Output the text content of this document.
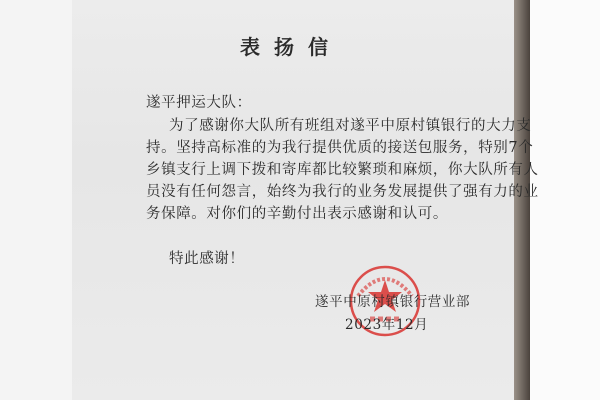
表扬信
遂平押运大队：
为了感谢你大队所有班组对遂平中原村镇银行的大力支
持。坚持高标准的为我行提供优质的接送包服务，特别7个
乡镇支行上调下拨和寄库都比较繁琐和麻烦，你大队所有人
员没有任何怨言，始终为我行的业务发展提供了强有力的业
务保障。对你们的辛勤付出表示感谢和认可。
特此感谢！
遂平中原村镇银行营业部
2023年12月
